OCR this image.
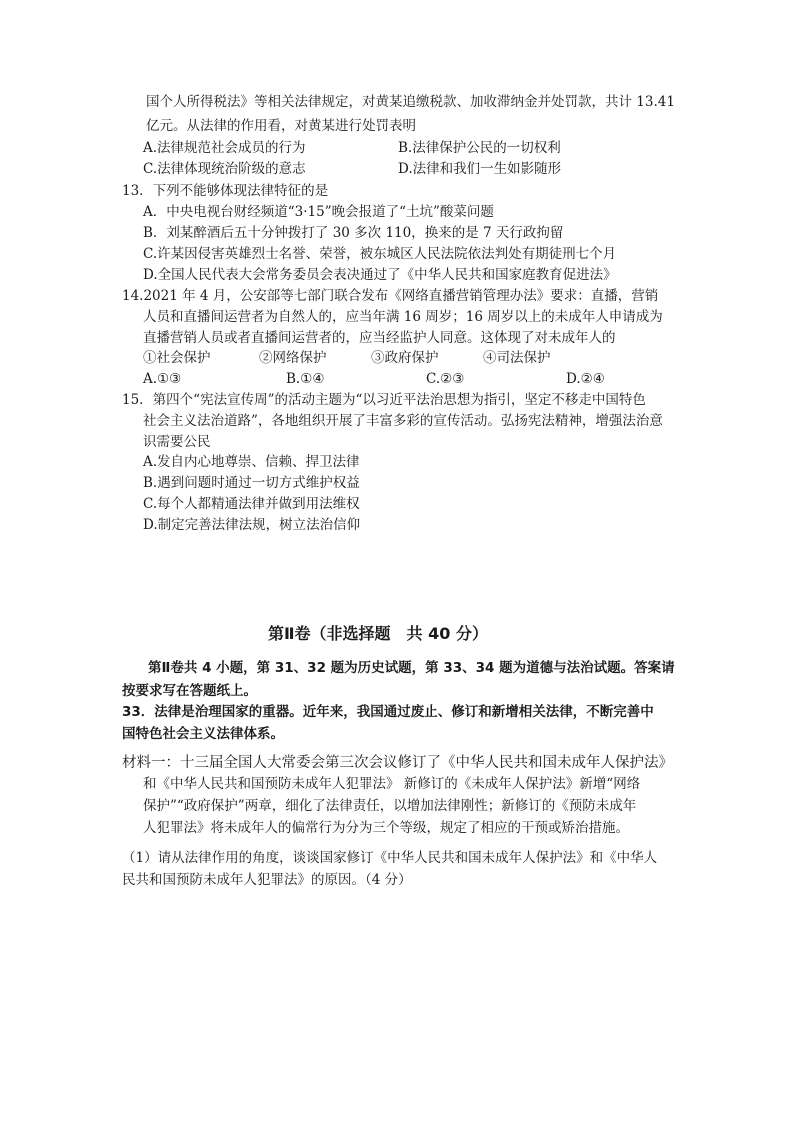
国个人所得税法》等相关法律规定，对黄某追缴税款、加收滞纳金并处罚款，共计 13.41
亿元。从法律的作用看，对黄某进行处罚表明
A.法律规范社会成员的行为	B.法律保护公民的一切权利
C.法律体现统治阶级的意志	D.法律和我们一生如影随形
13．下列不能够体现法律特征的是
A．中央电视台财经频道“3·15”晚会报道了“土坑”酸菜问题
B．刘某醉酒后五十分钟拨打了 30 多次 110，换来的是 7 天行政拘留
C.许某因侵害英雄烈士名誉、荣誉，被东城区人民法院依法判处有期徒刑七个月
D.全国人民代表大会常务委员会表决通过了《中华人民共和国家庭教育促进法》
14.2021 年 4 月，公安部等七部门联合发布《网络直播营销管理办法》要求：直播，营销
人员和直播间运营者为自然人的，应当年满 16 周岁；16 周岁以上的未成年人申请成为
直播营销人员或者直播间运营者的，应当经监护人同意。这体现了对未成年人的
①社会保护	②网络保护	③政府保护	④司法保护
A.①③	B.①④	C.②③	D.②④
15．第四个“宪法宣传周”的活动主题为“以习近平法治思想为指引，坚定不移走中国特色
社会主义法治道路”，各地组织开展了丰富多彩的宣传活动。弘扬宪法精神，增强法治意
识需要公民
A.发自内心地尊崇、信赖、捍卫法律
B.遇到问题时通过一切方式维护权益
C.每个人都精通法律并做到用法维权
D.制定完善法律法规，树立法治信仰
第Ⅱ卷（非选择题　共 40 分）
第Ⅱ卷共 4 小题，第 31、32 题为历史试题，第 33、34 题为道德与法治试题。答案请
按要求写在答题纸上。
33．法律是治理国家的重器。近年来，我国通过废止、修订和新增相关法律，不断完善中
国特色社会主义法律体系。
材料一：十三届全国人大常委会第三次会议修订了《中华人民共和国未成年人保护法》
和《中华人民共和国预防未成年人犯罪法》 新修订的《未成年人保护法》新增“网络
保护”“政府保护”两章，细化了法律责任，以增加法律刚性；新修订的《预防未成年
人犯罪法》将未成年人的偏常行为分为三个等级，规定了相应的干预或矫治措施。
（1）请从法律作用的角度，谈谈国家修订《中华人民共和国未成年人保护法》和《中华人
民共和国预防未成年人犯罪法》的原因。（4 分）
